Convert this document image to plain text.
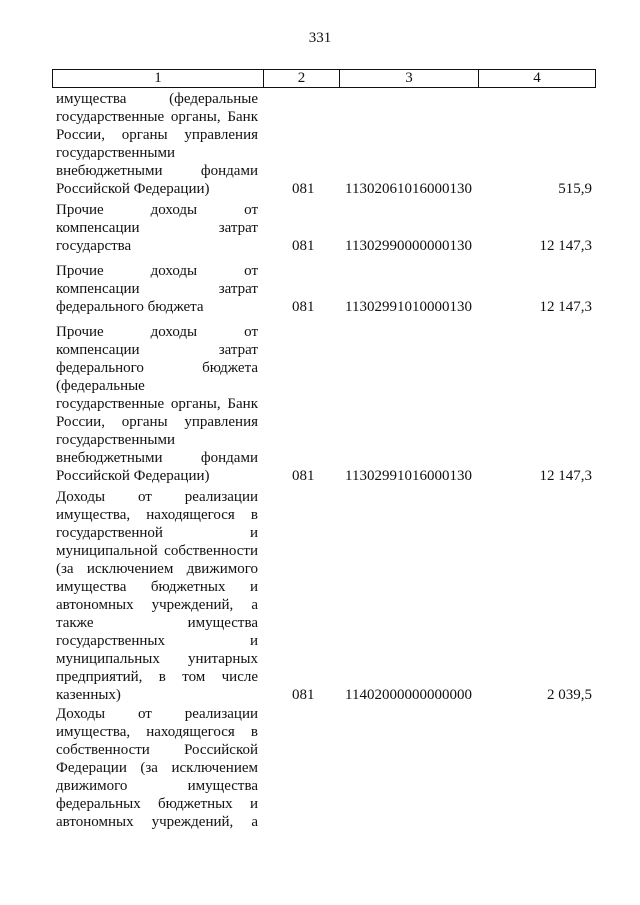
331
1	2	3	4
имущества (федеральные
государственные органы, Банк
России, органы управления
государственными
внебюджетными фондами
Российской Федерации)	081 11302061016000130	515,9
Прочие доходы от
компенсации затрат
государства	081 11302990000000130	12 147,3
Прочие доходы от
компенсации затрат
федерального бюджета	081 11302991010000130	12 147,3
Прочие доходы от
компенсации затрат
федерального бюджета
(федеральные
государственные органы, Банк
России, органы управления
государственными
внебюджетными фондами
Российской Федерации)	081 11302991016000130	12 147,3
Доходы от реализации
имущества, находящегося в
государственной и
муниципальной собственности
(за исключением движимого
имущества бюджетных и
автономных учреждений, а
также имущества
государственных и
муниципальных унитарных
предприятий, в том числе
казенных)	081 11402000000000000	2 039,5
Доходы от реализации
имущества, находящегося в
собственности Российской
Федерации (за исключением
движимого имущества
федеральных бюджетных и
автономных учреждений, а
